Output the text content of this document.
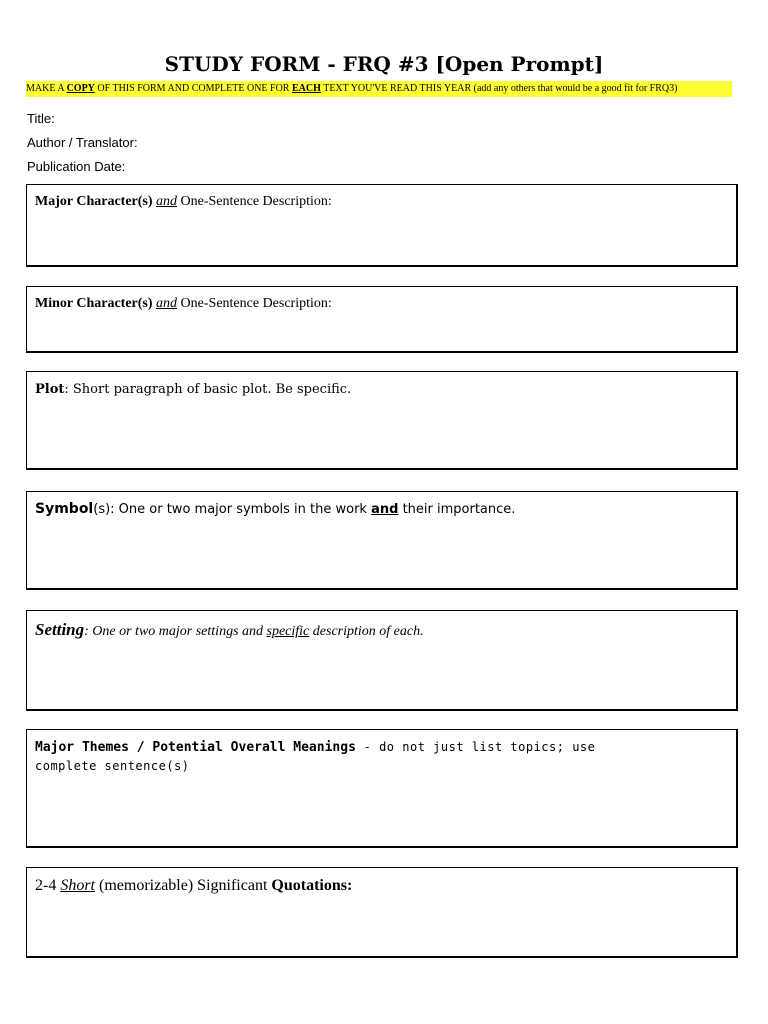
STUDY FORM - FRQ #3 [Open Prompt]
MAKE A COPY OF THIS FORM AND COMPLETE ONE FOR EACH TEXT YOU'VE READ THIS YEAR (add any others that would be a good fit for FRQ3)
Title:
Author / Translator:
Publication Date:
Major Character(s) and One-Sentence Description:
Minor Character(s) and One-Sentence Description:
Plot: Short paragraph of basic plot. Be specific.
Symbol(s): One or two major symbols in the work and their importance.
Setting: One or two major settings and specific description of each.
Major Themes / Potential Overall Meanings - do not just list topics; use
complete sentence(s)
2-4 Short (memorizable) Significant Quotations:
